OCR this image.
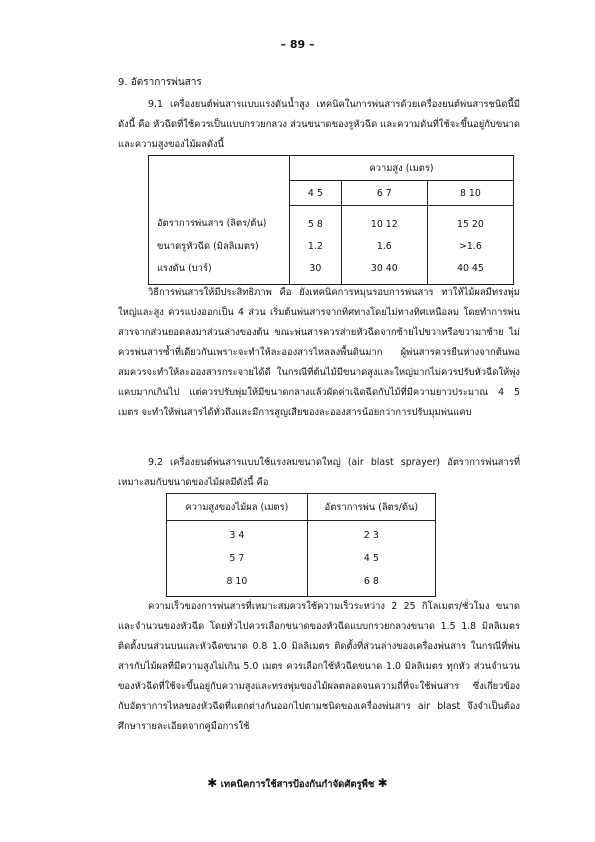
– 89 –
9. อัตราการพ่นสาร
9.1 เครื่องยนต์พ่นสารแบบแรงดันน้ำสูง เทคนิคในการพ่นสารด้วยเครื่องยนต์พ่นสารชนิดนี้มีดังนี้ คือ หัวฉีดที่ใช้ควรเป็นแบบกรวยกลวง ส่วนขนาดของรูหัวฉีด และความดันที่ใช้จะขึ้นอยู่กับขนาดและความสูงของไม้ผลดังนี้
	ความสูง (เมตร)		
	4 5	6 7	8 10
อัตราการพ่นสาร (ลิตร/ต้น)	5 8	10 12	15 20
ขนาดรูหัวฉีด (มิลลิเมตร)	1.2	1.6	>1.6
แรงดัน (บาร์)	30	30 40	40 45
วิธีการพ่นสารให้มีประสิทธิภาพ คือ ยังเทคนิคการหมุนรอบการพ่นสาร ทาให้ไม้ผลมีทรงพุ่มใหญ่และสูง ควรแบ่งออกเป็น 4 ส่วน เริ่มต้นพ่นสารจากทิศทางโดยไม่ทางทิศเหนือลม โดยทำการพ่นสารจากส่วนยอดลงมาส่วนล่างของต้น ขณะพ่นสารควรส่ายหัวฉีดจากซ้ายไปขวาหรือขวามาซ้าย ไม่ควรพ่นสารซ้ำที่เดียวกันเพราะจะทำให้ละอองสารไหลลงพื้นดินมาก ผู้พ่นสารควรยืนห่างจากต้นพอสมควรจะทำให้ละอองสารกระจายได้ดี ในกรณีที่ต้นไม้มีขนาดสูงและใหญ่มากไม่ควรปรับหัวฉีดให้พุ่งแคบมากเกินไป แต่ควรปรับพุ่มให้มีขนาดกลางแล้วผัดค่าเฉิดฉีดกับไม้ที่มีความยาวประมาณ 4 5 เมตร จะทำให้พ่นสารได้ทั่วถึงและมีการสูญเสียของละอองสารน้อยกว่าการปรับมุมพ่นแคบ
9.2 เครื่องยนต์พ่นสารแบบใช้แรงลมขนาดใหญ่ (air blast sprayer) อัตราการพ่นสารที่เหมาะสมกับขนาดของไม้ผลมีดังนี้ คือ
ความสูงของไม้ผล (เมตร)	อัตราการพ่น (ลิตร/ต้น)
3 4	2 3
5 7	4 5
8 10	6 8
ความเร็วของการพ่นสารที่เหมาะสมควรใช้ความเร็วระหว่าง 2 25 กิโลเมตร/ชั่วโมง ขนาดและจำนวนของหัวฉีด โดยทั่วไปควรเลือกขนาดของหัวฉีดแบบกรวยกลวงขนาด 1.5 1.8 มิลลิเมตร ติดตั้งบนส่วนบนและหัวฉีดขนาด 0.8 1.0 มิลลิเมตร ติดตั้งที่ส่วนล่างของเครื่องพ่นสาร ในกรณีที่พ่นสารกับไม้ผลที่มีความสูงไม่เกิน 5.0 เมตร ควรเลือกใช้หัวฉีดขนาด 1.0 มิลลิเมตร ทุกหัว ส่วนจำนวนของหัวฉีดที่ใช้จะขึ้นอยู่กับความสูงและทรงพุ่มของไม้ผลตลอดจนความถี่ที่จะใช้พ่นสาร ซึ่งเกี่ยวข้องกับอัตราการไหลของหัวฉีดที่แตกต่างกันออกไปตามชนิดของเครื่องพ่นสาร air blast จึงจำเป็นต้องศึกษารายละเอียดจากคู่มือการใช้
✱ เทคนิคการใช้สารป้องกันกำจัดศัตรูพืช ✱
